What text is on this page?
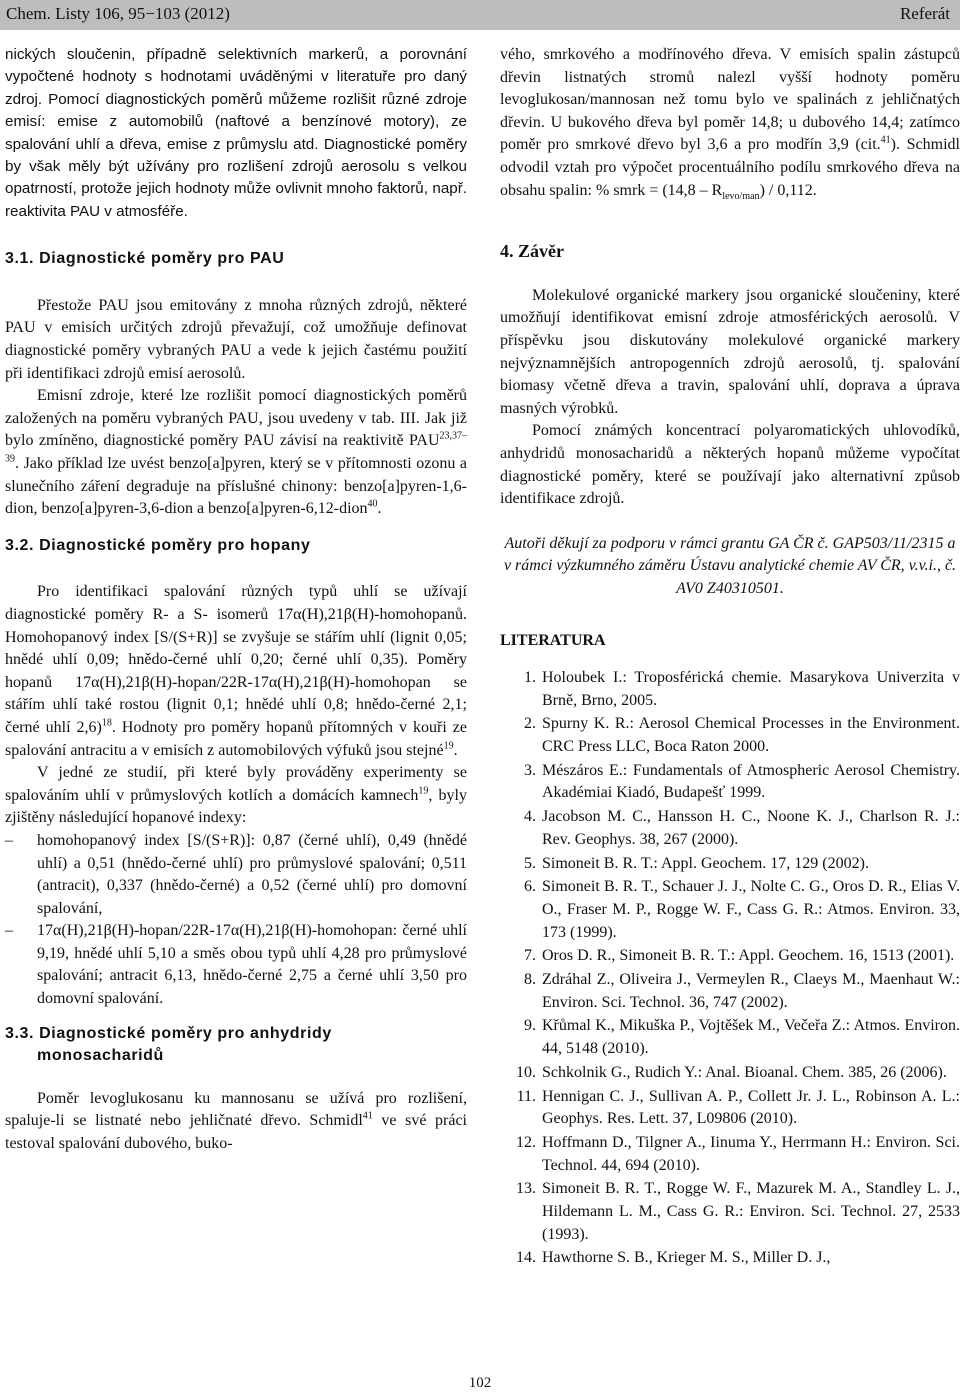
Chem. Listy 106, 95−103 (2012)	Referát

nických sloučenin, případně selektivních markerů, a porovnání vypočtené hodnoty s hodnotami uváděnými v literatuře pro daný zdroj. Pomocí diagnostických poměrů můžeme rozlišit různé zdroje emisí: emise z automobilů (naftové a benzínové motory), ze spalování uhlí a dřeva, emise z průmyslu atd. Diagnostické poměry by však měly být užívány pro rozlišení zdrojů aerosolu s velkou opatrností, protože jejich hodnoty může ovlivnit mnoho faktorů, např. reaktivita PAU v atmosféře.

3.1. Diagnostické poměry pro PAU

Přestože PAU jsou emitovány z mnoha různých zdrojů, některé PAU v emisích určitých zdrojů převažují, což umožňuje definovat diagnostické poměry vybraných PAU a vede k jejich častému použití při identifikaci zdrojů emisí aerosolů.

Emisní zdroje, které lze rozlišit pomocí diagnostických poměrů založených na poměru vybraných PAU, jsou uvedeny v tab. III. Jak již bylo zmíněno, diagnostické poměry PAU závisí na reaktivitě PAU$^{23,37-39}$. Jako příklad lze uvést benzo[a]pyren, který se v přítomnosti ozonu a slunečního záření degraduje na příslušné chinony: benzo[a]pyren-1,6-dion, benzo[a]pyren-3,6-dion a benzo[a]pyren-6,12-dion$^{40}$.

3.2. Diagnostické poměry pro hopany

Pro identifikaci spalování různých typů uhlí se užívají diagnostické poměry R- a S- isomerů 17α(H),21β(H)-homohopanů. Homohopanový index [S/(S+R)] se zvyšuje se stářím uhlí (lignit 0,05; hnědé uhlí 0,09; hnědo-černé uhlí 0,20; černé uhlí 0,35). Poměry hopanů 17α(H),21β(H)-hopan/22R-17α(H),21β(H)-homohopan se stářím uhlí také rostou (lignit 0,1; hnědé uhlí 0,8; hnědo-černé 2,1; černé uhlí 2,6)$^{18}$. Hodnoty pro poměry hopanů přítomných v kouři ze spalování antracitu a v emisích z automobilových výfuků jsou stejné$^{19}$.

V jedné ze studií, při které byly prováděny experimenty se spalováním uhlí v průmyslových kotlích a domácích kamnech$^{19}$, byly zjištěny následující hopanové indexy:

–	homohopanový index [S/(S+R)]: 0,87 (černé uhlí), 0,49 (hnědé uhlí) a 0,51 (hnědo-černé uhlí) pro průmyslové spalování; 0,511 (antracit), 0,337 (hnědo-černé) a 0,52 (černé uhlí) pro domovní spalování,
–	17α(H),21β(H)-hopan/22R-17α(H),21β(H)-homohopan: černé uhlí 9,19, hnědé uhlí 5,10 a směs obou typů uhlí 4,28 pro průmyslové spalování; antracit 6,13, hnědo-černé 2,75 a černé uhlí 3,50 pro domovní spalování.
3.3. Diagnostické poměry pro anhydridy
monosacharidů

Poměr levoglukosanu ku mannosanu se užívá pro rozlišení, spaluje-li se listnaté nebo jehličnaté dřevo. Schmidl$^{41}$ ve své práci testoval spalování dubového, buko-

vého, smrkového a modřínového dřeva. V emisích spalin zástupců dřevin listnatých stromů nalezl vyšší hodnoty poměru levoglukosan/mannosan než tomu bylo ve spalinách z jehličnatých dřevin. U bukového dřeva byl poměr 14,8; u dubového 14,4; zatímco poměr pro smrkové dřevo byl 3,6 a pro modřín 3,9 (cit.$^{41}$). Schmidl odvodil vztah pro výpočet procentuálního podílu smrkového dřeva na obsahu spalin: % smrk = $(14,8 - R_{levo/man}) / 0,112$.

4. Závěr

Molekulové organické markery jsou organické sloučeniny, které umožňují identifikovat emisní zdroje atmosférických aerosolů. V příspěvku jsou diskutovány molekulové organické markery nejvýznamnějších antropogenních zdrojů aerosolů, tj. spalování biomasy včetně dřeva a travin, spalování uhlí, doprava a úprava masných výrobků.

Pomocí známých koncentrací polyaromatických uhlovodíků, anhydridů monosacharidů a některých hopanů můžeme vypočítat diagnostické poměry, které se používají jako alternativní způsob identifikace zdrojů.

Autoři děkují za podporu v rámci grantu GA ČR č. GAP503/11/2315 a v rámci výzkumného záměru Ústavu analytické chemie AV ČR, v.v.i., č. AV0 Z40310501.

LITERATURA
1. Holoubek I.: Troposférická chemie. Masarykova Univerzita v Brně, Brno, 2005.
2. Spurny K. R.: Aerosol Chemical Processes in the Environment. CRC Press LLC, Boca Raton 2000.
3. Mészáros E.: Fundamentals of Atmospheric Aerosol Chemistry. Akadémiai Kiadó, Budapešť 1999.
4. Jacobson M. C., Hansson H. C., Noone K. J., Charlson R. J.: Rev. Geophys. 38, 267 (2000).
5. Simoneit B. R. T.: Appl. Geochem. 17, 129 (2002).
6. Simoneit B. R. T., Schauer J. J., Nolte C. G., Oros D. R., Elias V. O., Fraser M. P., Rogge W. F., Cass G. R.: Atmos. Environ. 33, 173 (1999).
7. Oros D. R., Simoneit B. R. T.: Appl. Geochem. 16, 1513 (2001).
8. Zdráhal Z., Oliveira J., Vermeylen R., Claeys M., Maenhaut W.: Environ. Sci. Technol. 36, 747 (2002).
9. Křůmal K., Mikuška P., Vojtěšek M., Večeřa Z.: Atmos. Environ. 44, 5148 (2010).
10. Schkolnik G., Rudich Y.: Anal. Bioanal. Chem. 385, 26 (2006).
11. Hennigan C. J., Sullivan A. P., Collett Jr. J. L., Robinson A. L.: Geophys. Res. Lett. 37, L09806 (2010).
12. Hoffmann D., Tilgner A., Iinuma Y., Herrmann H.: Environ. Sci. Technol. 44, 694 (2010).
13. Simoneit B. R. T., Rogge W. F., Mazurek M. A., Standley L. J., Hildemann L. M., Cass G. R.: Environ. Sci. Technol. 27, 2533 (1993).
14. Hawthorne S. B., Krieger M. S., Miller D. J.,
102
